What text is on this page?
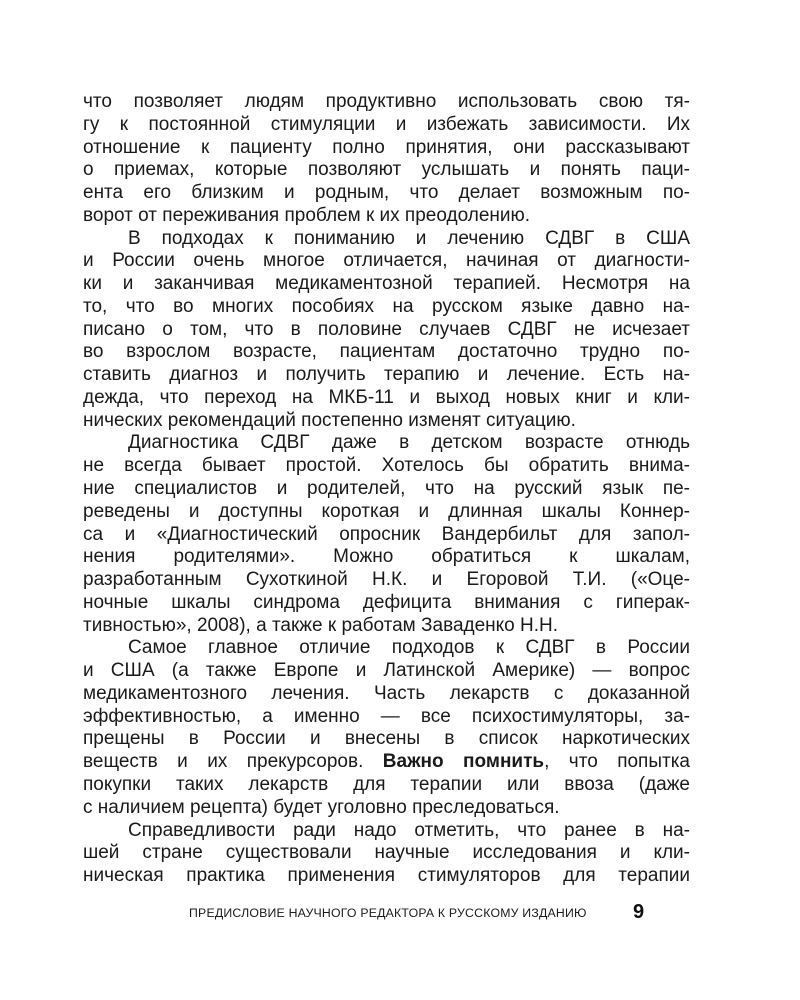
что позволяет людям продуктивно использовать свою тя-
гу к постоянной стимуляции и избежать зависимости. Их
отношение к пациенту полно принятия, они рассказывают
о приемах, которые позволяют услышать и понять паци-
ента его близким и родным, что делает возможным по-
ворот от переживания проблем к их преодолению.
В подходах к пониманию и лечению СДВГ в США
и России очень многое отличается, начиная от диагности-
ки и заканчивая медикаментозной терапией. Несмотря на
то, что во многих пособиях на русском языке давно на-
писано о том, что в половине случаев СДВГ не исчезает
во взрослом возрасте, пациентам достаточно трудно по-
ставить диагноз и получить терапию и лечение. Есть на-
дежда, что переход на МКБ-11 и выход новых книг и кли-
нических рекомендаций постепенно изменят ситуацию.
Диагностика СДВГ даже в детском возрасте отнюдь
не всегда бывает простой. Хотелось бы обратить внима-
ние специалистов и родителей, что на русский язык пе-
реведены и доступны короткая и длинная шкалы Коннер-
са и «Диагностический опросник Вандербильт для запол-
нения родителями». Можно обратиться к шкалам,
разработанным Сухоткиной Н.К. и Егоровой Т.И. («Оце-
ночные шкалы синдрома дефицита внимания с гиперак-
тивностью», 2008), а также к работам Заваденко Н.Н.
Самое главное отличие подходов к СДВГ в России
и США (а также Европе и Латинской Америке) — вопрос
медикаментозного лечения. Часть лекарств с доказанной
эффективностью, а именно — все психостимуляторы, за-
прещены в России и внесены в список наркотических
веществ и их прекурсоров. Важно помнить, что попытка
покупки таких лекарств для терапии или ввоза (даже
с наличием рецепта) будет уголовно преследоваться.
Справедливости ради надо отметить, что ранее в на-
шей стране существовали научные исследования и кли-
ническая практика применения стимуляторов для терапии
ПРЕДИСЛОВИЕ НАУЧНОГО РЕДАКТОРА К РУССКОМУ ИЗДАНИЮ 9
